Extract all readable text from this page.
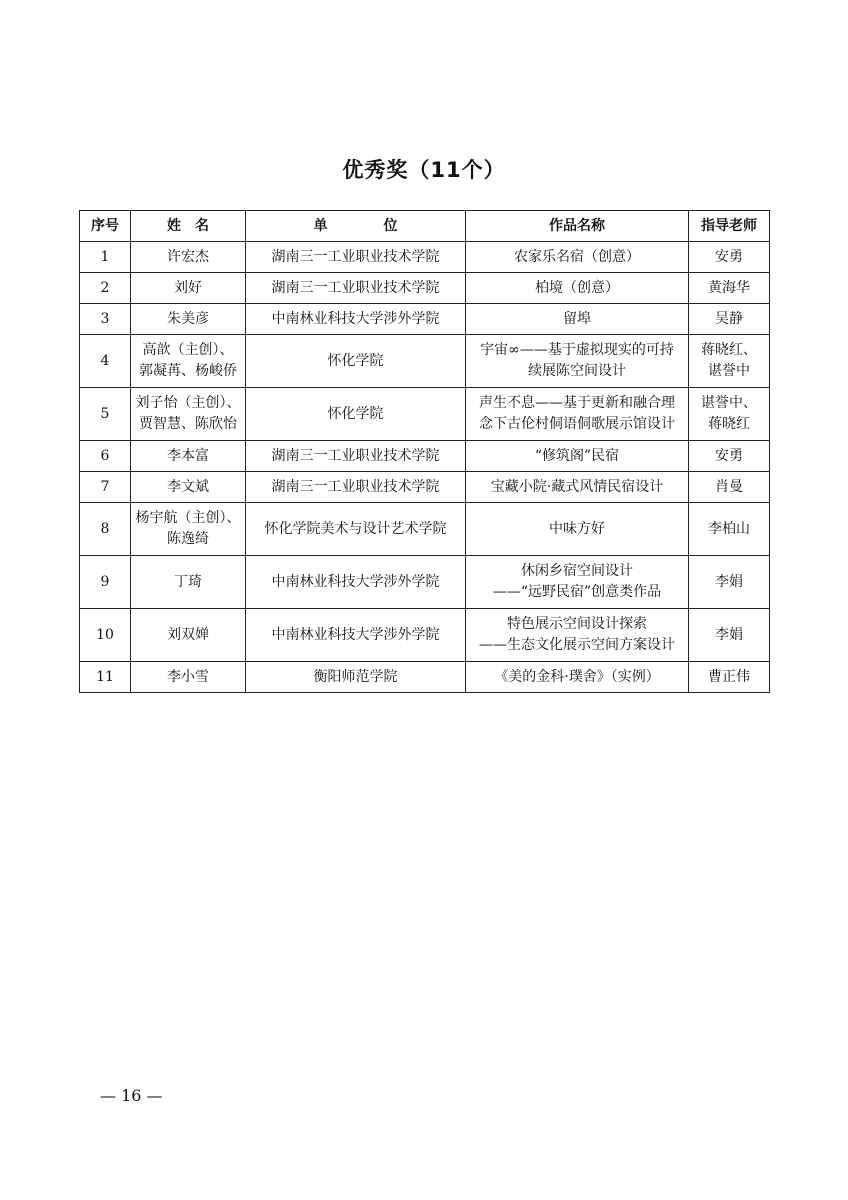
优秀奖（11个）
序号	姓　名	单　　　　位	作品名称	指导老师
1	许宏杰	湖南三一工业职业技术学院	农家乐名宿（创意）	安勇

2	刘好	湖南三一工业职业技术学院	柏境（创意）	黄海华

3	朱美彦	中南林业科技大学涉外学院	留埠	吴静

4	高歆（主创）、
郭凝苒、杨峻侨	怀化学院	宇宙∞——基于虚拟现实的可持
续展陈空间设计	蒋晓红、
谌誉中

5	刘子怡（主创）、
贾智慧、陈欣怡	怀化学院	声生不息——基于更新和融合理
念下古伦村侗语侗歌展示馆设计	谌誉中、
蒋晓红

6	李本富	湖南三一工业职业技术学院	“修筑阁”民宿	安勇

7	李文斌	湖南三一工业职业技术学院	宝藏小院·藏式风情民宿设计	肖曼

8	杨宇航（主创）、
陈逸绮	怀化学院美术与设计艺术学院	中味方好	李柏山

9	丁琦	中南林业科技大学涉外学院	休闲乡宿空间设计
——“远野民宿”创意类作品	李娟

10	刘双婵	中南林业科技大学涉外学院	特色展示空间设计探索
——生态文化展示空间方案设计	李娟

11	李小雪	衡阳师范学院	《美的金科·璞舍》（实例）	曹正伟
— 16 —
